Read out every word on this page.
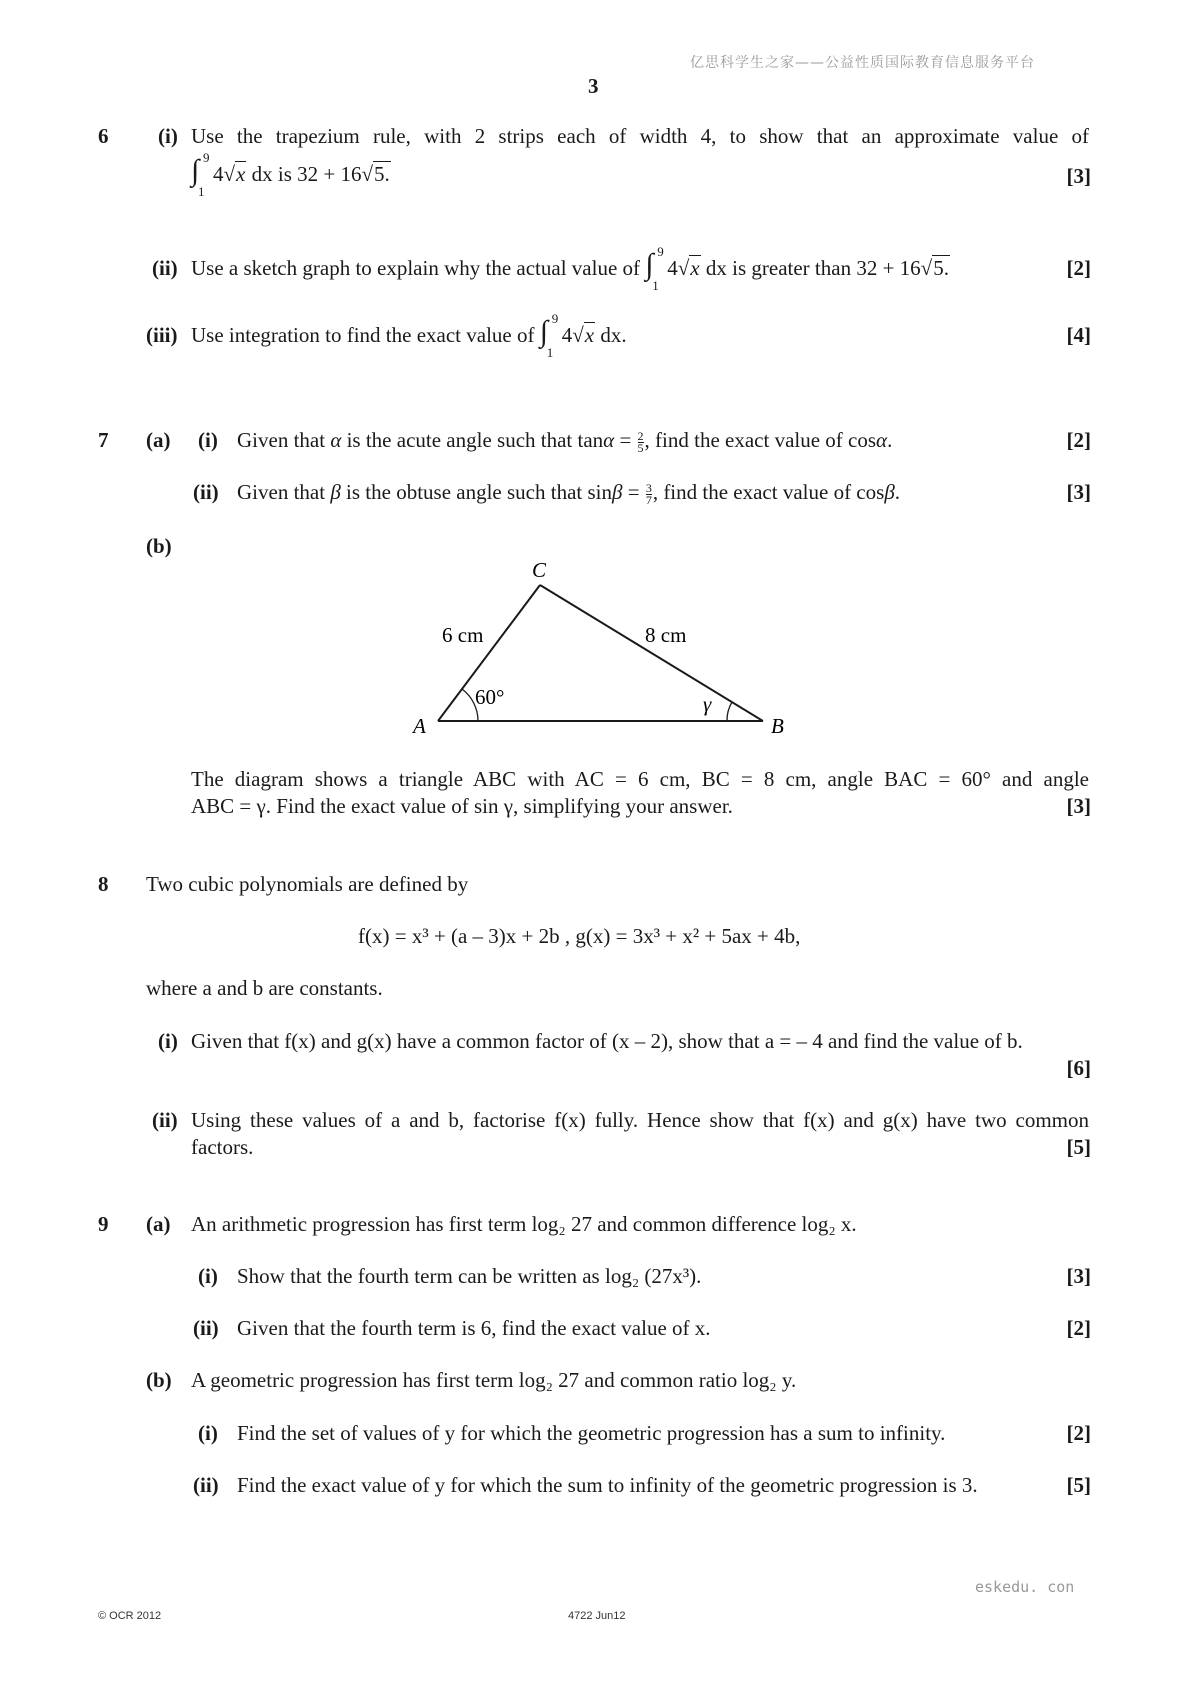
亿思科学生之家——公益性质国际教育信息服务平台
3
6 (i) Use the trapezium rule, with 2 strips each of width 4, to show that an approximate value of
∫ 9
1
4√x dx is 32 + 16√5.	[3]
(ii) Use a sketch graph to explain why the actual value of ∫ 9
1
4√x dx is greater than 32 + 16√5.	[2]
(iii) Use integration to find the exact value of ∫ 9
1
4√x dx.	[4]
7 (a) (i) Given that α is the acute angle such that $\tan\alpha = \frac{2}{5}$ , find the exact value of cosα.	[2]
(ii) Given that β is the obtuse angle such that $\sin\beta = \frac{3}{7}$ , find the exact value of cosβ.	[3]
(b)
C
A	B
6 cm	8 cm
60°	γ
The diagram shows a triangle ABC with AC = 6 cm, BC = 8 cm, angle BAC = 60° and angle
ABC = γ. Find the exact value of sin γ, simplifying your answer.	[3]
8 Two cubic polynomials are defined by
f(x) = x³ + (a – 3)x + 2b , g(x) = 3x³ + x² + 5ax + 4b,
where a and b are constants.
(i) Given that f(x) and g(x) have a common factor of (x – 2), show that a = – 4 and find the value of b.
[6]
(ii) Using these values of a and b, factorise f(x) fully. Hence show that f(x) and g(x) have two common
factors.	[5]
9 (a) An arithmetic progression has first term log₂ 27 and common difference log₂ x.
(i) Show that the fourth term can be written as log₂ (27x³).	[3]
(ii) Given that the fourth term is 6, find the exact value of x.	[2]
(b) A geometric progression has first term log₂ 27 and common ratio log₂ y.
(i) Find the set of values of y for which the geometric progression has a sum to infinity.	[2]
(ii) Find the exact value of y for which the sum to infinity of the geometric progression is 3.	[5]
eskedu. con
© OCR 2012	4722 Jun12
